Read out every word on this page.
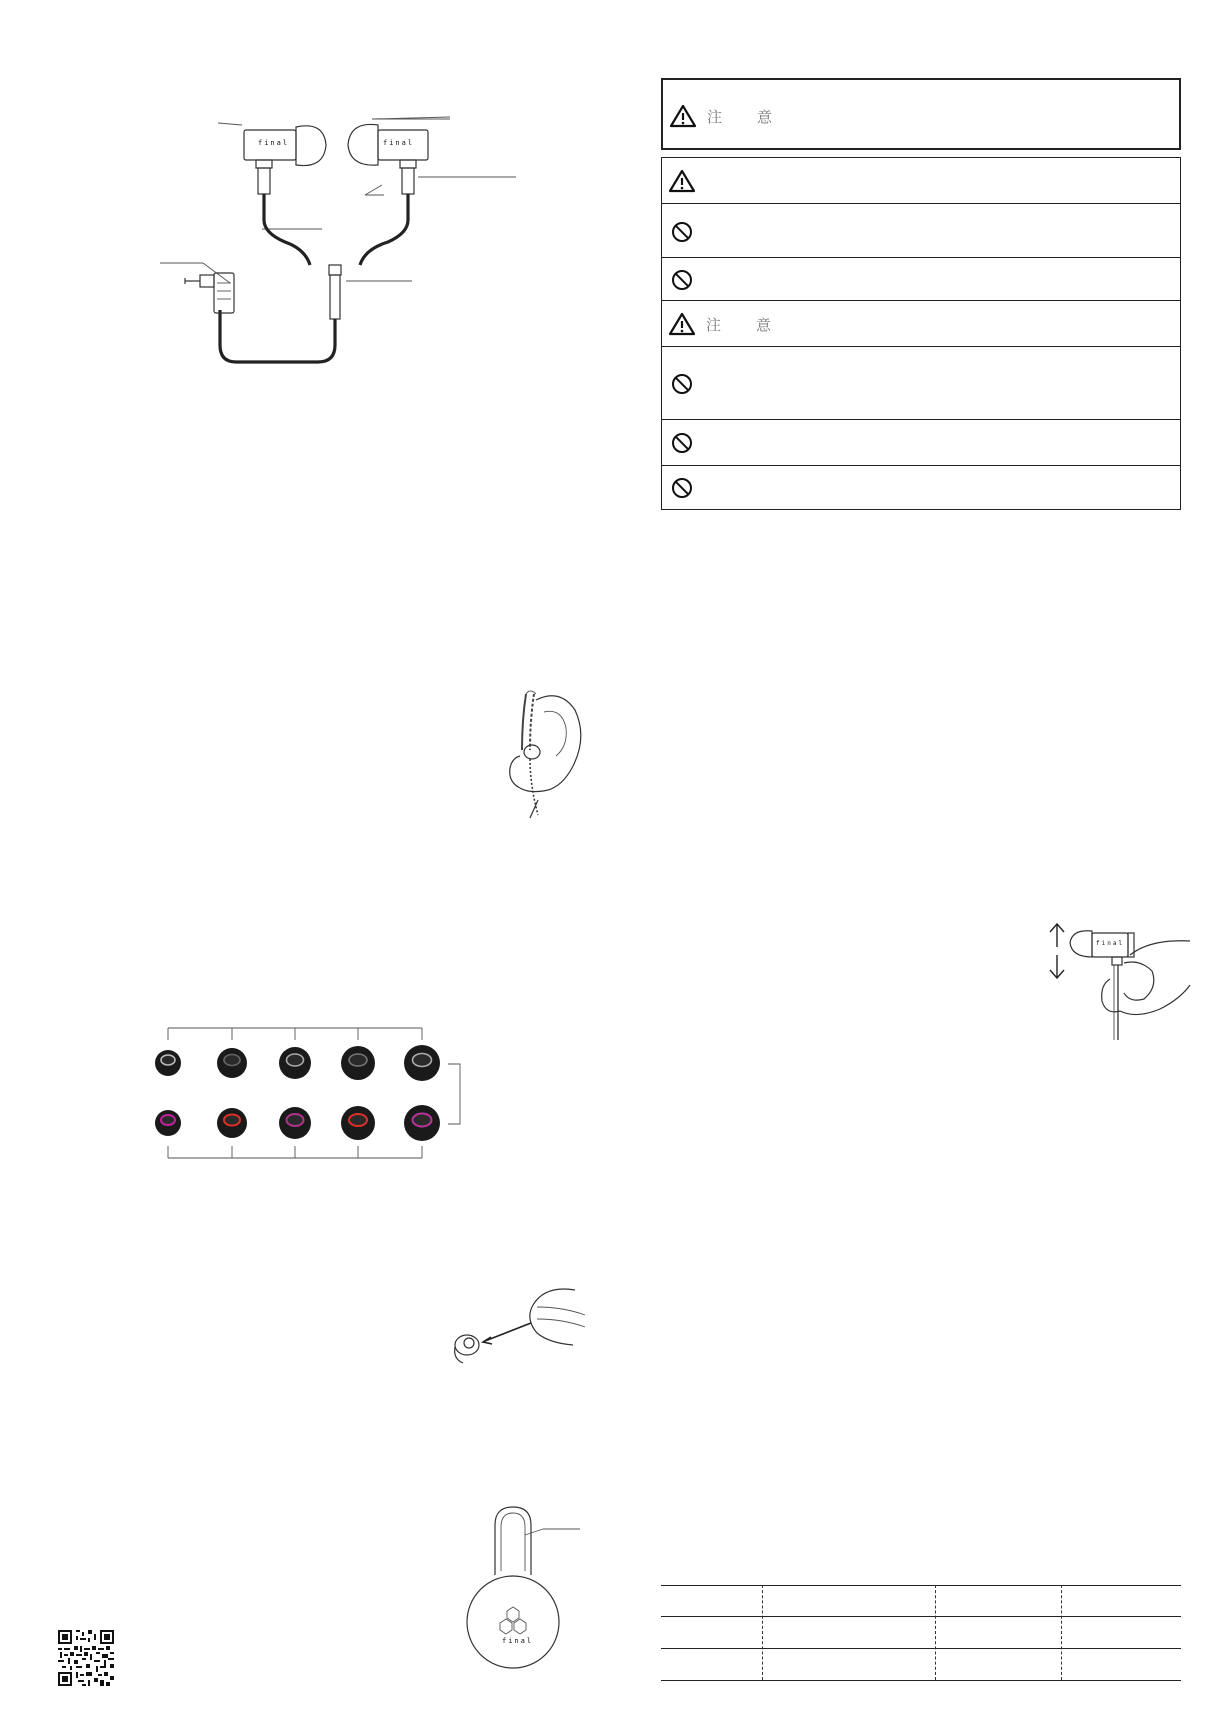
final	final
注　意
注　意
final
final
